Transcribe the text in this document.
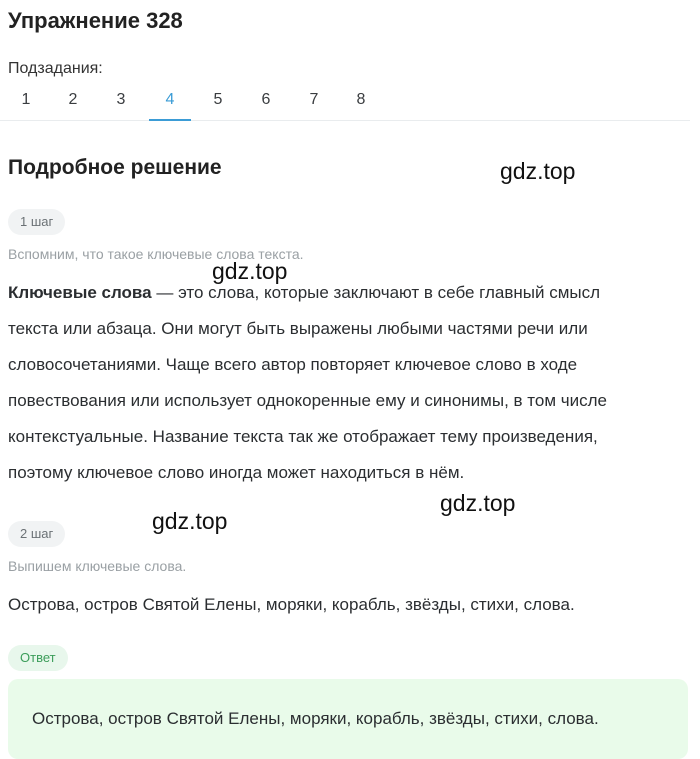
Упражнение 328
Подзадания:
1	2	3	4	5	6	7	8
Подробное решение	gdz.top
1 шаг
Вспомним, что такое ключевые слова текста.
gdz.top
Ключевые слова — это слова, которые заключают в себе главный смысл
текста или абзаца. Они могут быть выражены любыми частями речи или
словосочетаниями. Чаще всего автор повторяет ключевое слово в ходе
повествования или использует однокоренные ему и синонимы, в том числе
контекстуальные. Название текста так же отображает тему произведения,
поэтому ключевое слово иногда может находиться в нём.
gdz.top
gdz.top
2 шаг
Выпишем ключевые слова.
Острова, остров Святой Елены, моряки, корабль, звёзды, стихи, слова.
Ответ
Острова, остров Святой Елены, моряки, корабль, звёзды, стихи, слова.
